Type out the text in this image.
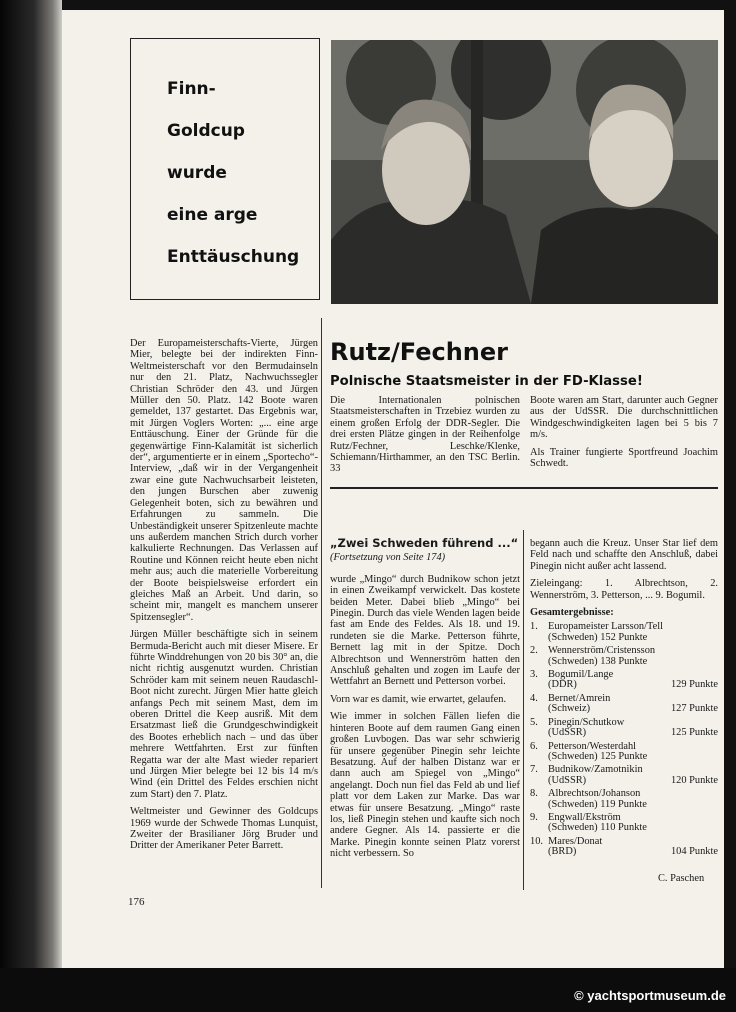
Finn-
Goldcup
wurde
eine arge
Enttäuschung

Der Europameisterschafts-Vierte, Jürgen Mier, belegte bei der indirekten Finn-Weltmeisterschaft vor den Bermudainseln nur den 21. Platz, Nachwuchssegler Christian Schröder den 43. und Jürgen Müller den 50. Platz. 142 Boote waren gemeldet, 137 gestartet. Das Ergebnis war, mit Jürgen Voglers Worten: „... eine arge Enttäuschung. Einer der Gründe für die gegenwärtige Finn-Kalamität ist sicherlich der“, argumentierte er in einem „Sportecho“-Interview, „daß wir in der Vergangenheit zwar eine gute Nachwuchsarbeit leisteten, den jungen Burschen aber zuwenig Gelegenheit boten, sich zu bewähren und Erfahrungen zu sammeln. Die Unbeständigkeit unserer Spitzenleute machte uns außerdem manchen Strich durch vorher kalkulierte Rechnungen. Das Verlassen auf Routine und Können reicht heute eben nicht mehr aus; auch die materielle Vorbereitung der Boote beispielsweise erfordert ein gleiches Maß an Arbeit. Und darin, so scheint mir, mangelt es manchem unserer Spitzensegler“.

Jürgen Müller beschäftigte sich in seinem Bermuda-Bericht auch mit dieser Misere. Er führte Winddrehungen von 20 bis 30° an, die nicht richtig ausgenutzt wurden. Christian Schröder kam mit seinem neuen Raudaschl-Boot nicht zurecht. Jürgen Mier hatte gleich anfangs Pech mit seinem Mast, dem im oberen Drittel die Keep ausriß. Mit dem Ersatzmast ließ die Grundgeschwindigkeit des Bootes erheblich nach – und das über mehrere Wettfahrten. Erst zur fünften Regatta war der alte Mast wieder repariert und Jürgen Mier belegte bei 12 bis 14 m/s Wind (ein Drittel des Feldes erschien nicht zum Start) den 7. Platz.

Weltmeister und Gewinner des Goldcups 1969 wurde der Schwede Thomas Lunquist, Zweiter der Brasilianer Jörg Bruder und Dritter der Amerikaner Peter Barrett.

Rutz/Fechner
Polnische Staatsmeister in der FD-Klasse!

Die Internationalen polnischen Staatsmeisterschaften in Trzebiez wurden zu einem großen Erfolg der DDR-Segler. Die drei ersten Plätze gingen in der Reihenfolge Rutz/Fechner, Leschke/Klenke, Schiemann/Hirthammer, an den TSC Berlin. 33

Boote waren am Start, darunter auch Gegner aus der UdSSR. Die durchschnittlichen Windgeschwindigkeiten lagen bei 5 bis 7 m/s.

Als Trainer fungierte Sportfreund Joachim Schwedt.

„Zwei Schweden führend ...“

(Fortsetzung von Seite 174)

wurde „Mingo“ durch Budnikow schon jetzt in einen Zweikampf verwickelt. Das kostete beiden Meter. Dabei blieb „Mingo“ bei Pinegin. Durch das viele Wenden lagen beide fast am Ende des Feldes. Als 18. und 19. rundeten sie die Marke. Petterson führte, Bernett lag mit in der Spitze. Doch Albrechtson und Wennerström hatten den Anschluß gehalten und zogen im Laufe der Wettfahrt an Bernett und Petterson vorbei.

Vorn war es damit, wie erwartet, gelaufen.

Wie immer in solchen Fällen liefen die hinteren Boote auf dem raumen Gang einen großen Luvbogen. Das war sehr schwierig für unsere gegenüber Pinegin sehr leichte Besatzung. Auf der halben Distanz war er dann auch am Spiegel von „Mingo“ angelangt. Doch nun fiel das Feld ab und lief platt vor dem Laken zur Marke. Das war etwas für unsere Besatzung. „Mingo“ raste los, ließ Pinegin stehen und kaufte sich noch andere Gegner. Als 14. passierte er die Marke. Pinegin konnte seinen Platz vorerst nicht verbessern. So

begann auch die Kreuz. Unser Star lief dem Feld nach und schaffte den Anschluß, dabei Pinegin nicht außer acht lassend.

Zieleingang: 1. Albrechtson, 2. Wennerström, 3. Petterson, ... 9. Bogumil.

Gesamtergebnisse:

1. Europameister Larsson/Tell
(Schweden) 152 Punkte
2. Wennerström/Cristensson
(Schweden) 138 Punkte
3. Bogumil/Lange
(DDR)	129 Punkte
4. Bernet/Amrein
(Schweiz)	127 Punkte
5. Pinegin/Schutkow
(UdSSR)	125 Punkte
6. Petterson/Westerdahl
(Schweden) 125 Punkte
7. Budnikow/Zamotnikin
(UdSSR)	120 Punkte
8. Albrechtson/Johanson
(Schweden) 119 Punkte
9. Engwall/Ekström
(Schweden) 110 Punkte
10. Mares/Donat
(BRD)	104 Punkte
C. Paschen
176
© yachtsportmuseum.de
